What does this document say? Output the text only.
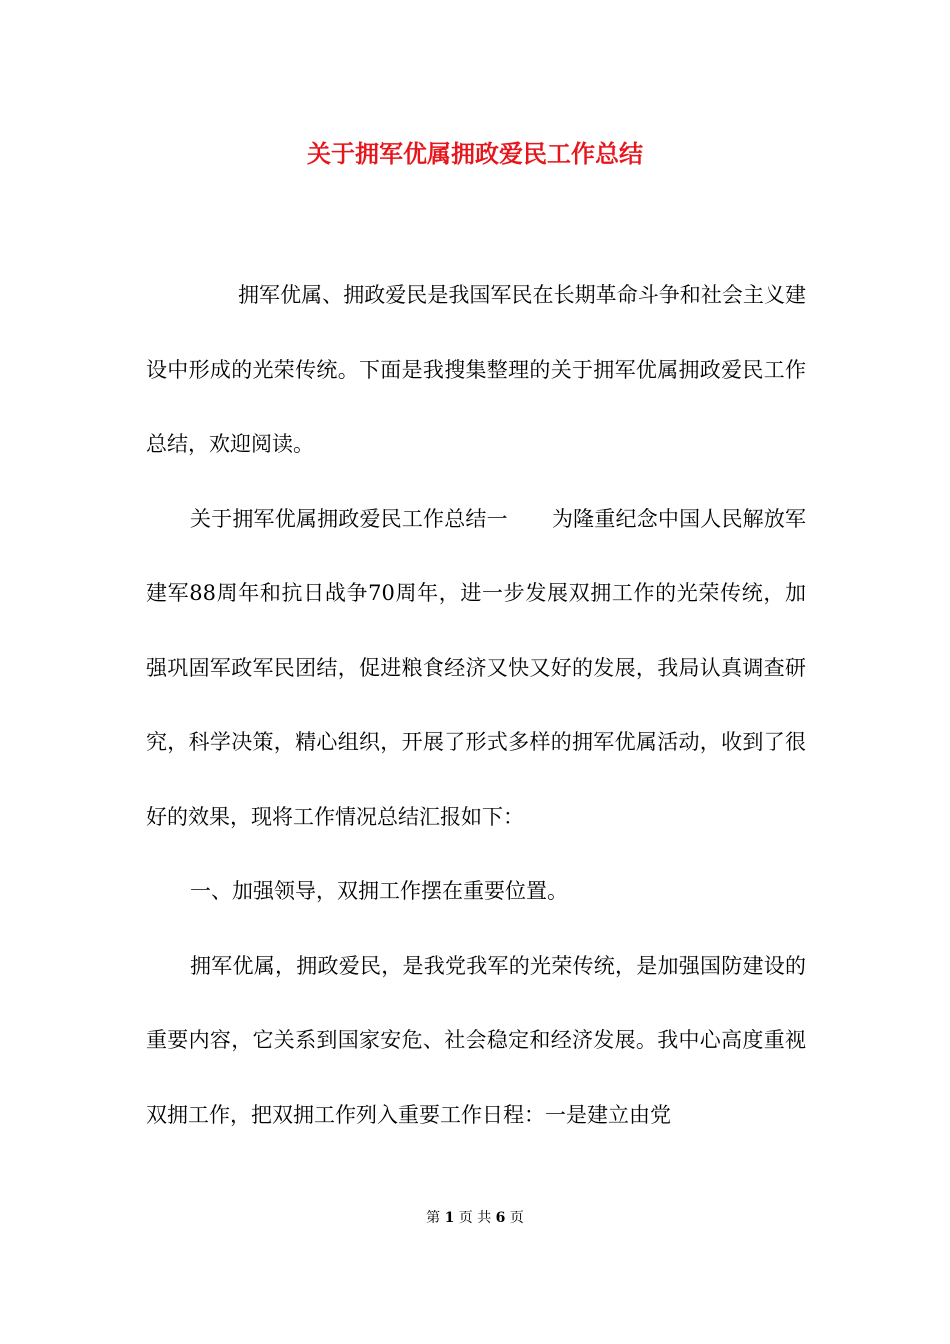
关于拥军优属拥政爱民工作总结

拥军优属、拥政爱民是我国军民在长期革命斗争和社会主义建设中形成的光荣传统。下面是我搜集整理的关于拥军优属拥政爱民工作总结，欢迎阅读。

关于拥军优属拥政爱民工作总结一 为隆重纪念中国人民解放军建军88周年和抗日战争70周年，进一步发展双拥工作的光荣传统，加强巩固军政军民团结，促进粮食经济又快又好的发展，我局认真调查研究，科学决策，精心组织，开展了形式多样的拥军优属活动，收到了很好的效果，现将工作情况总结汇报如下：

一、加强领导，双拥工作摆在重要位置。

拥军优属，拥政爱民，是我党我军的光荣传统，是加强国防建设的重要内容，它关系到国家安危、社会稳定和经济发展。我中心高度重视双拥工作，把双拥工作列入重要工作日程：一是建立由党

第 1 页 共 6 页
